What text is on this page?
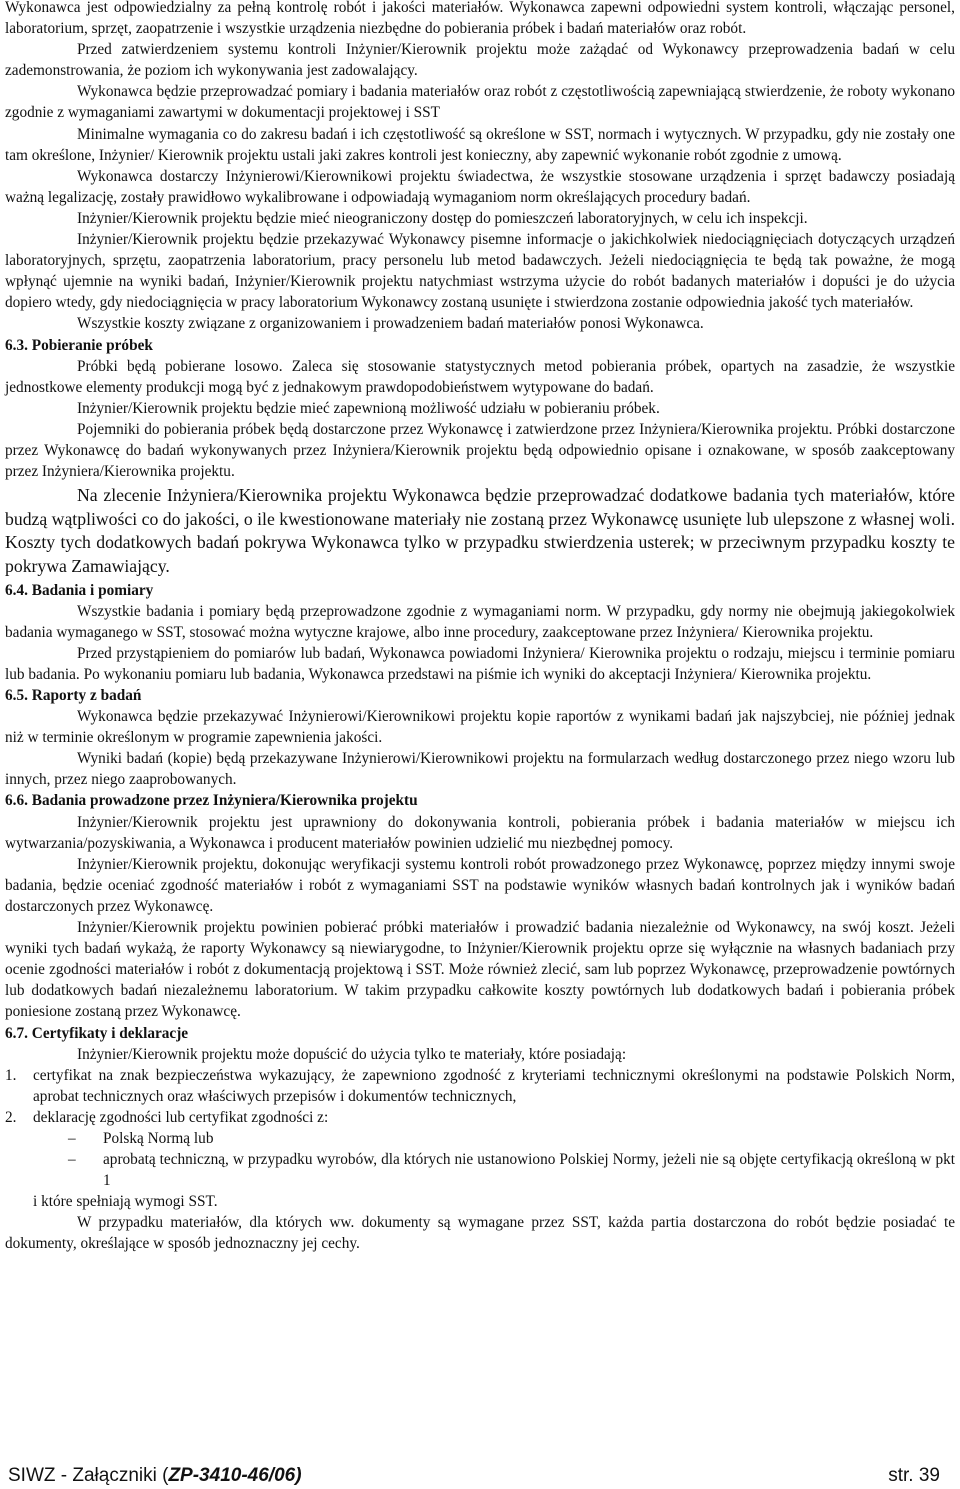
Wykonawca jest odpowiedzialny za pełną kontrolę robót i jakości materiałów. Wykonawca zapewni odpowiedni system kontroli, włączając personel, laboratorium, sprzęt, zaopatrzenie i wszystkie urządzenia niezbędne do pobierania próbek i badań materiałów oraz robót.

Przed zatwierdzeniem systemu kontroli Inżynier/Kierownik projektu może zażądać od Wykonawcy przeprowadzenia badań w celu zademonstrowania, że poziom ich wykonywania jest zadowalający.

Wykonawca będzie przeprowadzać pomiary i badania materiałów oraz robót z częstotliwością zapewniającą stwierdzenie, że roboty wykonano zgodnie z wymaganiami zawartymi w dokumentacji projektowej i SST

Minimalne wymagania co do zakresu badań i ich częstotliwość są określone w SST, normach i wytycznych. W przypadku, gdy nie zostały one tam określone, Inżynier/ Kierownik projektu ustali jaki zakres kontroli jest konieczny, aby zapewnić wykonanie robót zgodnie z umową.

Wykonawca dostarczy Inżynierowi/Kierownikowi projektu świadectwa, że wszystkie stosowane urządzenia i sprzęt badawczy posiadają ważną legalizację, zostały prawidłowo wykalibrowane i odpowiadają wymaganiom norm określających procedury badań.

Inżynier/Kierownik projektu będzie mieć nieograniczony dostęp do pomieszczeń laboratoryjnych, w celu ich inspekcji.

Inżynier/Kierownik projektu będzie przekazywać Wykonawcy pisemne informacje o jakichkolwiek niedociągnięciach dotyczących urządzeń laboratoryjnych, sprzętu, zaopatrzenia laboratorium, pracy personelu lub metod badawczych. Jeżeli niedociągnięcia te będą tak poważne, że mogą wpłynąć ujemnie na wyniki badań, Inżynier/Kierownik projektu natychmiast wstrzyma użycie do robót badanych materiałów i dopuści je do użycia dopiero wtedy, gdy niedociągnięcia w pracy laboratorium Wykonawcy zostaną usunięte i stwierdzona zostanie odpowiednia jakość tych materiałów.

Wszystkie koszty związane z organizowaniem i prowadzeniem badań materiałów ponosi Wykonawca.

6.3. Pobieranie próbek

Próbki będą pobierane losowo. Zaleca się stosowanie statystycznych metod pobierania próbek, opartych na zasadzie, że wszystkie jednostkowe elementy produkcji mogą być z jednakowym prawdopodobieństwem wytypowane do badań.

Inżynier/Kierownik projektu będzie mieć zapewnioną możliwość udziału w pobieraniu próbek.

Pojemniki do pobierania próbek będą dostarczone przez Wykonawcę i zatwierdzone przez Inżyniera/Kierownika projektu. Próbki dostarczone przez Wykonawcę do badań wykonywanych przez Inżyniera/Kierownik projektu będą odpowiednio opisane i oznakowane, w sposób zaakceptowany przez Inżyniera/Kierownika projektu.

Na zlecenie Inżyniera/Kierownika projektu Wykonawca będzie przeprowadzać dodatkowe badania tych materiałów, które budzą wątpliwości co do jakości, o ile kwestionowane materiały nie zostaną przez Wykonawcę usunięte lub ulepszone z własnej woli. Koszty tych dodatkowych badań pokrywa Wykonawca tylko w przypadku stwierdzenia usterek; w przeciwnym przypadku koszty te pokrywa Zamawiający.

6.4. Badania i pomiary

Wszystkie badania i pomiary będą przeprowadzone zgodnie z wymaganiami norm. W przypadku, gdy normy nie obejmują jakiegokolwiek badania wymaganego w SST, stosować można wytyczne krajowe, albo inne procedury, zaakceptowane przez Inżyniera/ Kierownika projektu.

Przed przystąpieniem do pomiarów lub badań, Wykonawca powiadomi Inżyniera/ Kierownika projektu o rodzaju, miejscu i terminie pomiaru lub badania. Po wykonaniu pomiaru lub badania, Wykonawca przedstawi na piśmie ich wyniki do akceptacji Inżyniera/ Kierownika projektu.

6.5. Raporty z badań

Wykonawca będzie przekazywać Inżynierowi/Kierownikowi projektu kopie raportów z wynikami badań jak najszybciej, nie później jednak niż w terminie określonym w programie zapewnienia jakości.

Wyniki badań (kopie) będą przekazywane Inżynierowi/Kierownikowi projektu na formularzach według dostarczonego przez niego wzoru lub innych, przez niego zaaprobowanych.

6.6. Badania prowadzone przez Inżyniera/Kierownika projektu

Inżynier/Kierownik projektu jest uprawniony do dokonywania kontroli, pobierania próbek i badania materiałów w miejscu ich wytwarzania/pozyskiwania, a Wykonawca i producent materiałów powinien udzielić mu niezbędnej pomocy.

Inżynier/Kierownik projektu, dokonując weryfikacji systemu kontroli robót prowadzonego przez Wykonawcę, poprzez między innymi swoje badania, będzie oceniać zgodność materiałów i robót z wymaganiami SST na podstawie wyników własnych badań kontrolnych jak i wyników badań dostarczonych przez Wykonawcę.

Inżynier/Kierownik projektu powinien pobierać próbki materiałów i prowadzić badania niezależnie od Wykonawcy, na swój koszt. Jeżeli wyniki tych badań wykażą, że raporty Wykonawcy są niewiarygodne, to Inżynier/Kierownik projektu oprze się wyłącznie na własnych badaniach przy ocenie zgodności materiałów i robót z dokumentacją projektową i SST. Może również zlecić, sam lub poprzez Wykonawcę, przeprowadzenie powtórnych lub dodatkowych badań niezależnemu laboratorium. W takim przypadku całkowite koszty powtórnych lub dodatkowych badań i pobierania próbek poniesione zostaną przez Wykonawcę.

6.7. Certyfikaty i deklaracje

Inżynier/Kierownik projektu może dopuścić do użycia tylko te materiały, które posiadają:

1. certyfikat na znak bezpieczeństwa wykazujący, że zapewniono zgodność z kryteriami technicznymi określonymi na podstawie Polskich Norm, aprobat technicznych oraz właściwych przepisów i dokumentów technicznych,
2. deklarację zgodności lub certyfikat zgodności z:
– Polską Normą lub
– aprobatą techniczną, w przypadku wyrobów, dla których nie ustanowiono Polskiej Normy, jeżeli nie są objęte certyfikacją określoną w pkt 1

i które spełniają wymogi SST.

W przypadku materiałów, dla których ww. dokumenty są wymagane przez SST, każda partia dostarczona do robót będzie posiadać te dokumenty, określające w sposób jednoznaczny jej cechy.

SIWZ - Załączniki (ZP-3410-46/06)	str. 39
